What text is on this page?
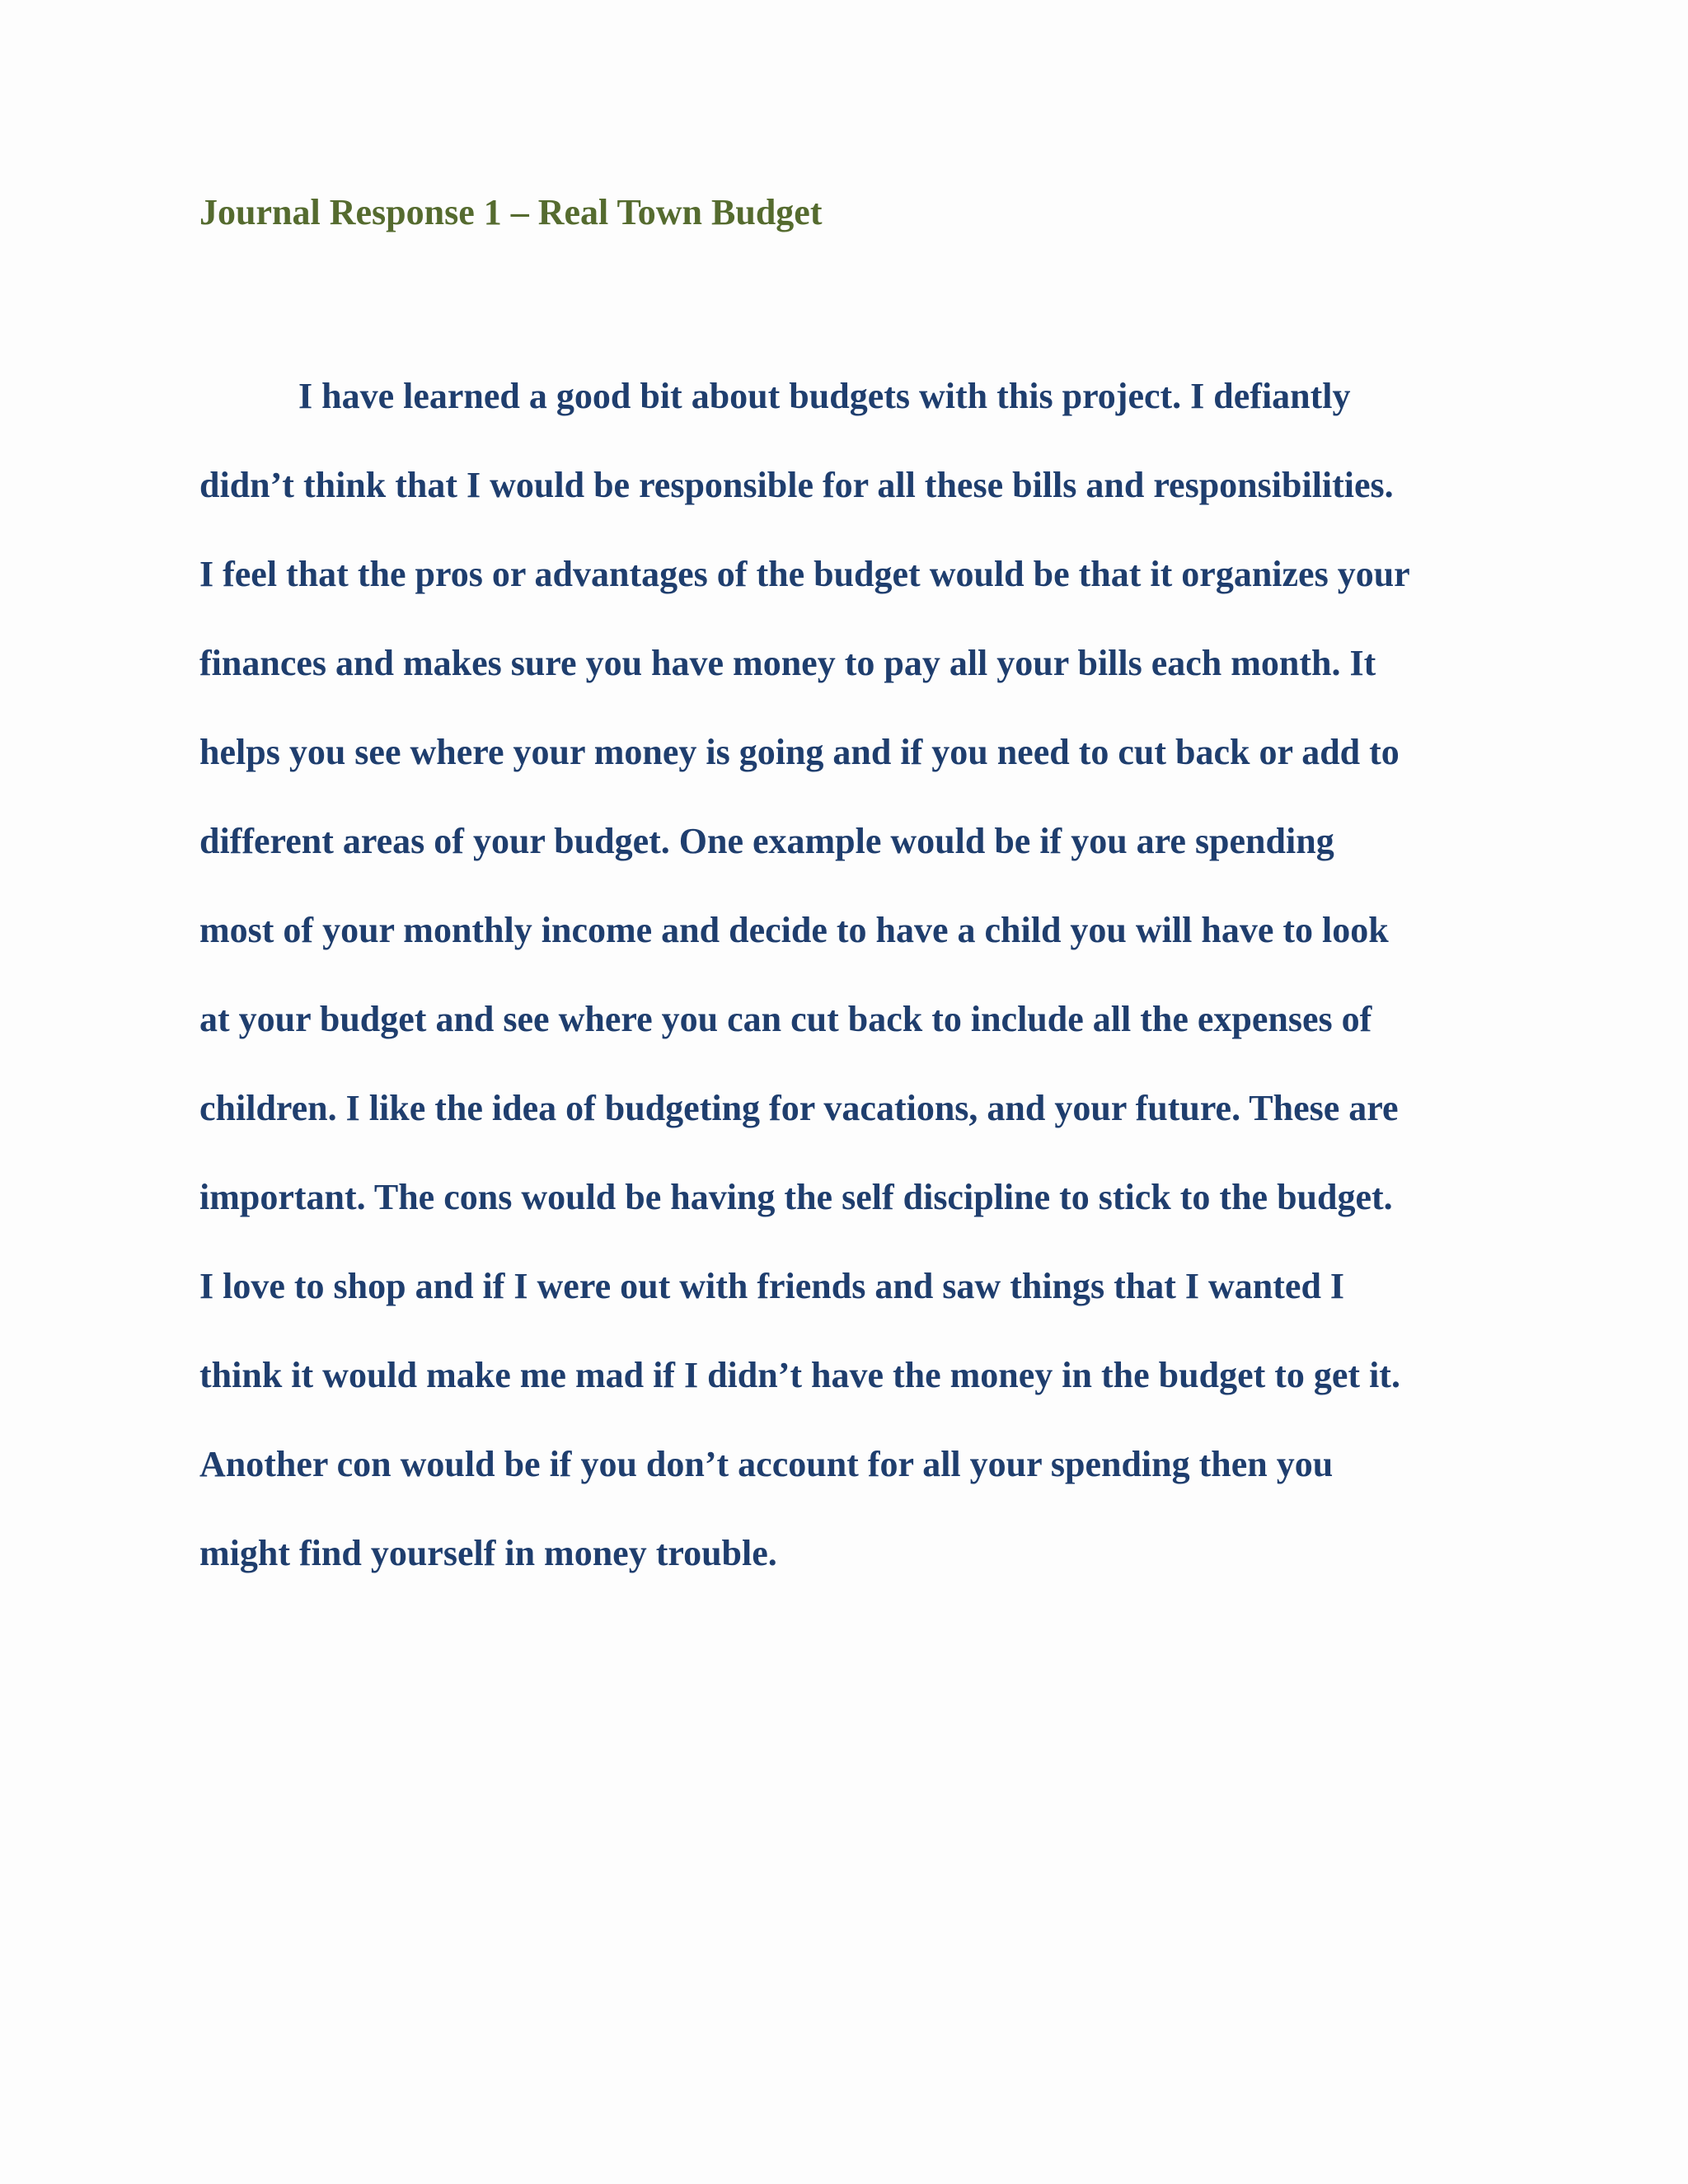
Journal Response 1 – Real Town Budget

I have learned a good bit about budgets with this project. I defiantly

didn’t think that I would be responsible for all these bills and responsibilities.

I feel that the pros or advantages of the budget would be that it organizes your

finances and makes sure you have money to pay all your bills each month. It

helps you see where your money is going and if you need to cut back or add to

different areas of your budget. One example would be if you are spending

most of your monthly income and decide to have a child you will have to look

at your budget and see where you can cut back to include all the expenses of

children. I like the idea of budgeting for vacations, and your future. These are

important. The cons would be having the self discipline to stick to the budget.

I love to shop and if I were out with friends and saw things that I wanted I

think it would make me mad if I didn’t have the money in the budget to get it.

Another con would be if you don’t account for all your spending then you

might find yourself in money trouble.
